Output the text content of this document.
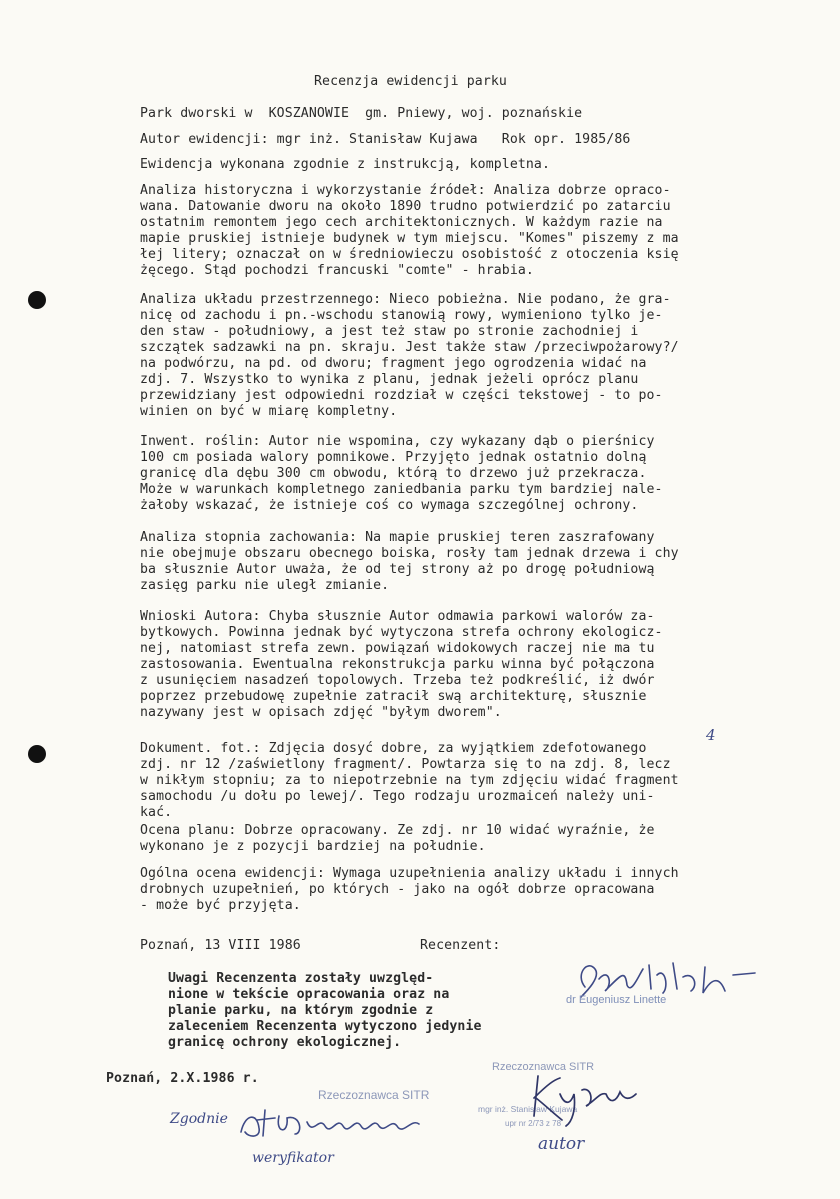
Recenzja ewidencji parku
Park dworski w  KOSZANOWIE  gm. Pniewy, woj. poznańskie
Autor ewidencji: mgr inż. Stanisław Kujawa   Rok opr. 1985/86
Ewidencja wykonana zgodnie z instrukcją, kompletna.
Analiza historyczna i wykorzystanie źródeł: Analiza dobrze opraco-
wana. Datowanie dworu na około 1890 trudno potwierdzić po zatarciu
ostatnim remontem jego cech architektonicznych. W każdym razie na
mapie pruskiej istnieje budynek w tym miejscu. "Komes" piszemy z ma
łej litery; oznaczał on w średniowieczu osobistość z otoczenia księ
żęcego. Stąd pochodzi francuski "comte" - hrabia.
Analiza układu przestrzennego: Nieco pobieżna. Nie podano, że gra-
nicę od zachodu i pn.-wschodu stanowią rowy, wymieniono tylko je-
den staw - południowy, a jest też staw po stronie zachodniej i
szczątek sadzawki na pn. skraju. Jest także staw /przeciwpożarowy?/
na podwórzu, na pd. od dworu; fragment jego ogrodzenia widać na
zdj. 7. Wszystko to wynika z planu, jednak jeżeli oprócz planu
przewidziany jest odpowiedni rozdział w części tekstowej - to po-
winien on być w miarę kompletny.
Inwent. roślin: Autor nie wspomina, czy wykazany dąb o pierśnicy
100 cm posiada walory pomnikowe. Przyjęto jednak ostatnio dolną
granicę dla dębu 300 cm obwodu, którą to drzewo już przekracza.
Może w warunkach kompletnego zaniedbania parku tym bardziej nale-
żałoby wskazać, że istnieje coś co wymaga szczególnej ochrony.
Analiza stopnia zachowania: Na mapie pruskiej teren zaszrafowany
nie obejmuje obszaru obecnego boiska, rosły tam jednak drzewa i chy
ba słusznie Autor uważa, że od tej strony aż po drogę południową
zasięg parku nie uległ zmianie.
Wnioski Autora: Chyba słusznie Autor odmawia parkowi walorów za-
bytkowych. Powinna jednak być wytyczona strefa ochrony ekologicz-
nej, natomiast strefa zewn. powiązań widokowych raczej nie ma tu
zastosowania. Ewentualna rekonstrukcja parku winna być połączona
z usunięciem nasadzeń topolowych. Trzeba też podkreślić, iż dwór
poprzez przebudowę zupełnie zatracił swą architekturę, słusznie
nazywany jest w opisach zdjęć "byłym dworem".
4
Dokument. fot.: Zdjęcia dosyć dobre, za wyjątkiem zdefotowanego
zdj. nr 12 /zaświetlony fragment/. Powtarza się to na zdj. 8, lecz
w nikłym stopniu; za to niepotrzebnie na tym zdjęciu widać fragment
samochodu /u dołu po lewej/. Tego rodzaju urozmaiceń należy uni-
kać.
Ocena planu: Dobrze opracowany. Ze zdj. nr 10 widać wyraźnie, że
wykonano je z pozycji bardziej na południe.
Ogólna ocena ewidencji: Wymaga uzupełnienia analizy układu i innych
drobnych uzupełnień, po których - jako na ogół dobrze opracowana
- może być przyjęta.
Poznań, 13 VIII 1986	Recenzent:
dr Eugeniusz Linette
Uwagi Recenzenta zostały uwzględ-
nione w tekście opracowania oraz na
planie parku, na którym zgodnie z
zaleceniem Recenzenta wytyczono jedynie
granicę ochrony ekologicznej.
Poznań, 2.X.1986 r.
Rzeczoznawca SITR
Rzeczoznawca SITR
mgr inż. Stanisław Kujawa
upr nr 2/73 z 78
autor
Zgodnie
weryfikator
